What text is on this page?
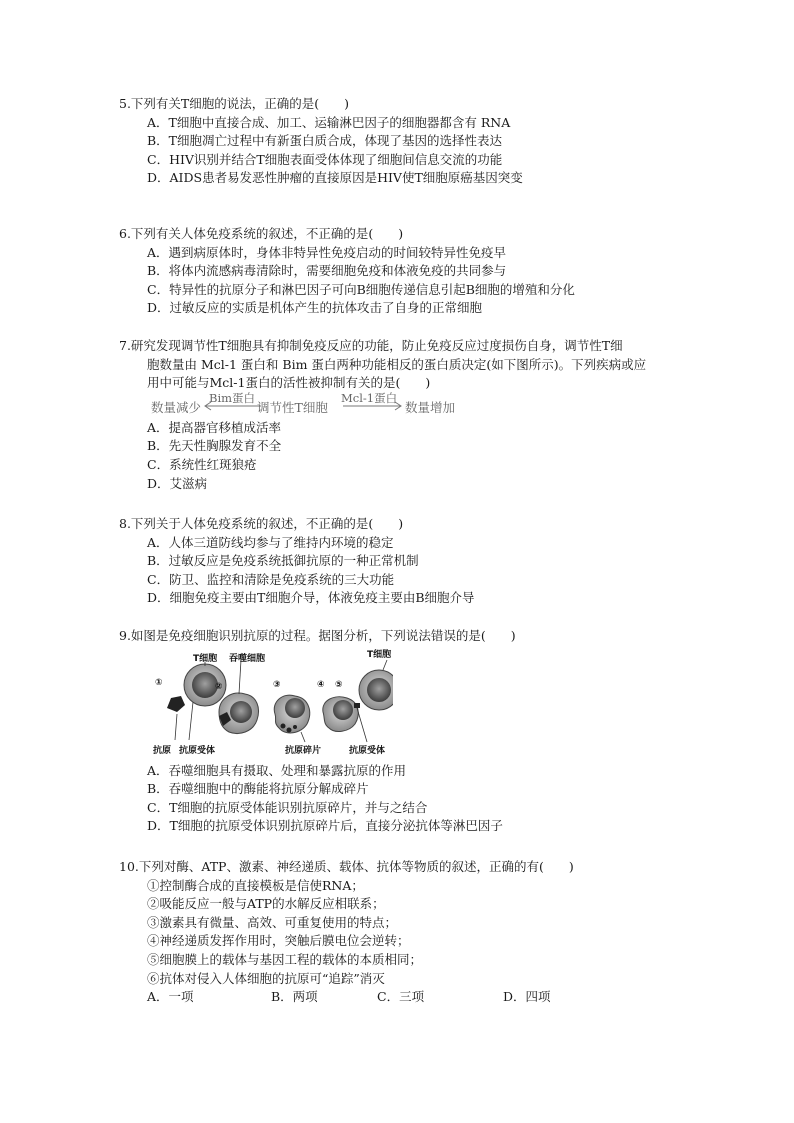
5.下列有关T细胞的说法，正确的是(　　)
A．T细胞中直接合成、加工、运输淋巴因子的细胞器都含有 RNA
B．T细胞凋亡过程中有新蛋白质合成，体现了基因的选择性表达
C．HIV识别并结合T细胞表面受体体现了细胞间信息交流的功能
D．AIDS患者易发恶性肿瘤的直接原因是HIV使T细胞原癌基因突变
6.下列有关人体免疫系统的叙述，不正确的是(　　)
A．遇到病原体时，身体非特异性免疫启动的时间较特异性免疫早
B．将体内流感病毒清除时，需要细胞免疫和体液免疫的共同参与
C．特异性的抗原分子和淋巴因子可向B细胞传递信息引起B细胞的增殖和分化
D．过敏反应的实质是机体产生的抗体攻击了自身的正常细胞
7.研究发现调节性T细胞具有抑制免疫反应的功能，防止免疫反应过度损伤自身，调节性T细
胞数量由 Mcl-1 蛋白和 Bim 蛋白两种功能相反的蛋白质决定(如下图所示)。下列疾病或应
用中可能与Mcl-1蛋白的活性被抑制有关的是(　　)
数量减少
Bim蛋白
调节性T细胞
Mcl-1蛋白
数量增加
A．提高器官移植成活率
B．先天性胸腺发育不全
C．系统性红斑狼疮
D．艾滋病
8.下列关于人体免疫系统的叙述，不正确的是(　　)
A．人体三道防线均参与了维持内环境的稳定
B．过敏反应是免疫系统抵御抗原的一种正常机制
C．防卫、监控和清除是免疫系统的三大功能
D．细胞免疫主要由T细胞介导，体液免疫主要由B细胞介导
9.如图是免疫细胞识别抗原的过程。据图分析，下列说法错误的是(　　)
T细胞 吞噬细胞	T细胞
①	②	③	④ ⑤
抗原 抗原受体	抗原碎片	抗原受体
A．吞噬细胞具有摄取、处理和暴露抗原的作用
B．吞噬细胞中的酶能将抗原分解成碎片
C．T细胞的抗原受体能识别抗原碎片，并与之结合
D．T细胞的抗原受体识别抗原碎片后，直接分泌抗体等淋巴因子
10.下列对酶、ATP、激素、神经递质、载体、抗体等物质的叙述，正确的有(　　)
①控制酶合成的直接模板是信使RNA；
②吸能反应一般与ATP的水解反应相联系；
③激素具有微量、高效、可重复使用的特点；
④神经递质发挥作用时，突触后膜电位会逆转；
⑤细胞膜上的载体与基因工程的载体的本质相同；
⑥抗体对侵入人体细胞的抗原可“追踪”消灭
A．一项	B．两项	C．三项	D．四项
